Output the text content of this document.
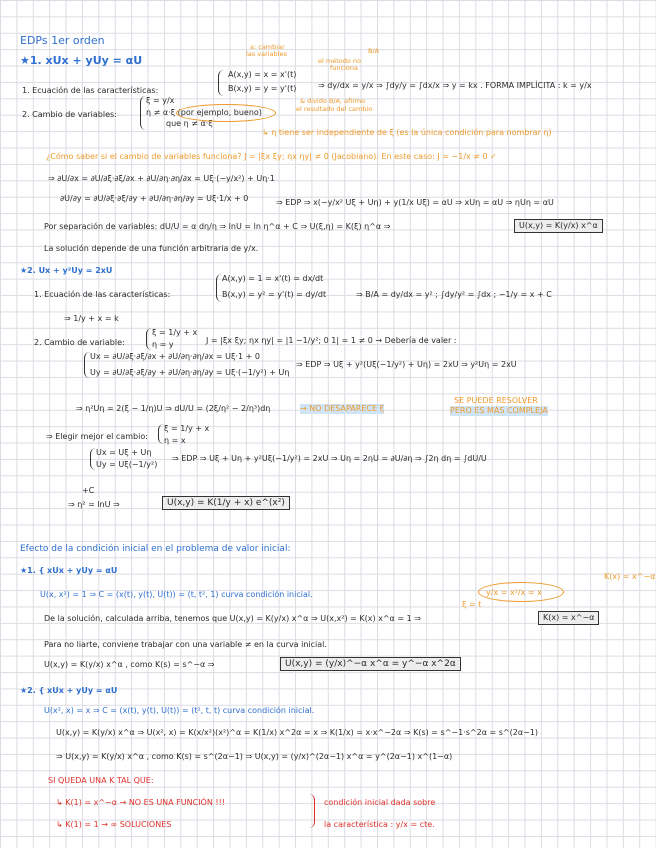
EDPs 1er orden
★1. xUx + yUy = αU
a: cambiar
las variables
el método no
funciona
B/A
1. Ecuación de las características:
A(x,y) = x = x'(t)
B(x,y) = y = y'(t)	⇒ dy/dx = y/x ⇒ ∫dy/y = ∫dx/x ⇒ y = kx . FORMA IMPLÍCITA : k = y/x
2. Cambio de variables:
ξ = y/x
η ≠ α·ξ (por ejemplo, bueno)
que η ≠ α·ξ
& divido B/A, afirmo
el resultado del cambio
↳ η tiene ser independiente de ξ (es la única condición para nombrar η)
¿Cómo saber si el cambio de variables funciona? J = |ξx ξy; ηx ηy| ≠ 0 (Jacobiano). En este caso: J = −1/x ≠ 0 ✓
⇒ ∂U/∂x = ∂U/∂ξ·∂ξ/∂x + ∂U/∂η·∂η/∂x = Uξ·(−y/x²) + Uη·1
∂U/∂y = ∂U/∂ξ·∂ξ/∂y + ∂U/∂η·∂η/∂y = Uξ·1/x + 0	⇒ EDP ⇒ x(−y/x² Uξ + Uη) + y(1/x Uξ) = αU ⇒ xUη = αU ⇒ ηUη = αU
Por separación de variables: dU/U = α dη/η ⇒ lnU = ln η^α + C ⇒ U(ξ,η) = K(ξ) η^α ⇒	U(x,y) = K(y/x) x^α
La solución depende de una función arbitraria de y/x.
★2. Ux + y²Uy = 2xU
1. Ecuación de las características:
A(x,y) = 1 = x'(t) = dx/dt
B(x,y) = y² = y'(t) = dy/dt	⇒ B/A = dy/dx = y² ; ∫dy/y² = ∫dx ; −1/y = x + C
⇒ 1/y + x = k
2. Cambio de variable:
ξ = 1/y + x
η = y	J = |ξx ξy; ηx ηy| = |1 −1/y²; 0 1| = 1 ≠ 0 → Debería de valer :
Ux = ∂U/∂ξ·∂ξ/∂x + ∂U/∂η·∂η/∂x = Uξ·1 + 0
Uy = ∂U/∂ξ·∂ξ/∂y + ∂U/∂η·∂η/∂y = Uξ·(−1/y²) + Uη
⇒ EDP ⇒ Uξ + y²(Uξ(−1/y²) + Uη) = 2xU ⇒ y²Uη = 2xU
⇒ η²Uη = 2(ξ − 1/η)U ⇒ dU/U = (2ξ/η² − 2/η³)dη	→ NO DESAPARECE ξ
SE PUEDE RESOLVER
PERO ES MÁS COMPLEJA
⇒ Elegir mejor el cambio:
ξ = 1/y + x
η = x
Ux = Uξ + Uη
Uy = Uξ(−1/y²)
⇒ EDP ⇒ Uξ + Uη + y²Uξ(−1/y²) = 2xU ⇒ Uη = 2ηU = ∂U/∂η ⇒ ∫2η dη = ∫dU/U
+C
⇒ η² = lnU ⇒	U(x,y) = K(1/y + x) e^(x²)
Efecto de la condición inicial en el problema de valor inicial:
★1. { xUx + yUy = αU
U(x, x²) = 1 ⇒ C = (x(t), y(t), U(t)) = (t, t², 1) curva condición inicial.	y/x = x²/x = x
K(x) = x^−α
ξ = t
De la solución, calculada arriba, tenemos que U(x,y) = K(y/x) x^α ⇒ U(x,x²) = K(x) x^α = 1 ⇒	K(x) = x^−α
Para no liarte, conviene trabajar con una variable ≠ en la curva inicial.
U(x,y) = K(y/x) x^α , como K(s) = s^−α ⇒	U(x,y) = (y/x)^−α x^α = y^−α x^2α
★2. { xUx + yUy = αU
U(x², x) = x ⇒ C = (x(t), y(t), U(t)) = (t², t, t) curva condición inicial.
U(x,y) = K(y/x) x^α ⇒ U(x², x) = K(x/x²)(x²)^α = K(1/x) x^2α = x ⇒ K(1/x) = x·x^−2α ⇒ K(s) = s^−1·s^2α = s^(2α−1)
⇒ U(x,y) = K(y/x) x^α , como K(s) = s^(2α−1) ⇒ U(x,y) = (y/x)^(2α−1) x^α = y^(2α−1) x^(1−α)
SI QUEDA UNA K TAL QUE:
↳ K(1) = x^−α → NO ES UNA FUNCIÓN !!!
↳ K(1) = 1 → ∞ SOLUCIONES
condición inicial dada sobre
la característica : y/x = cte.
